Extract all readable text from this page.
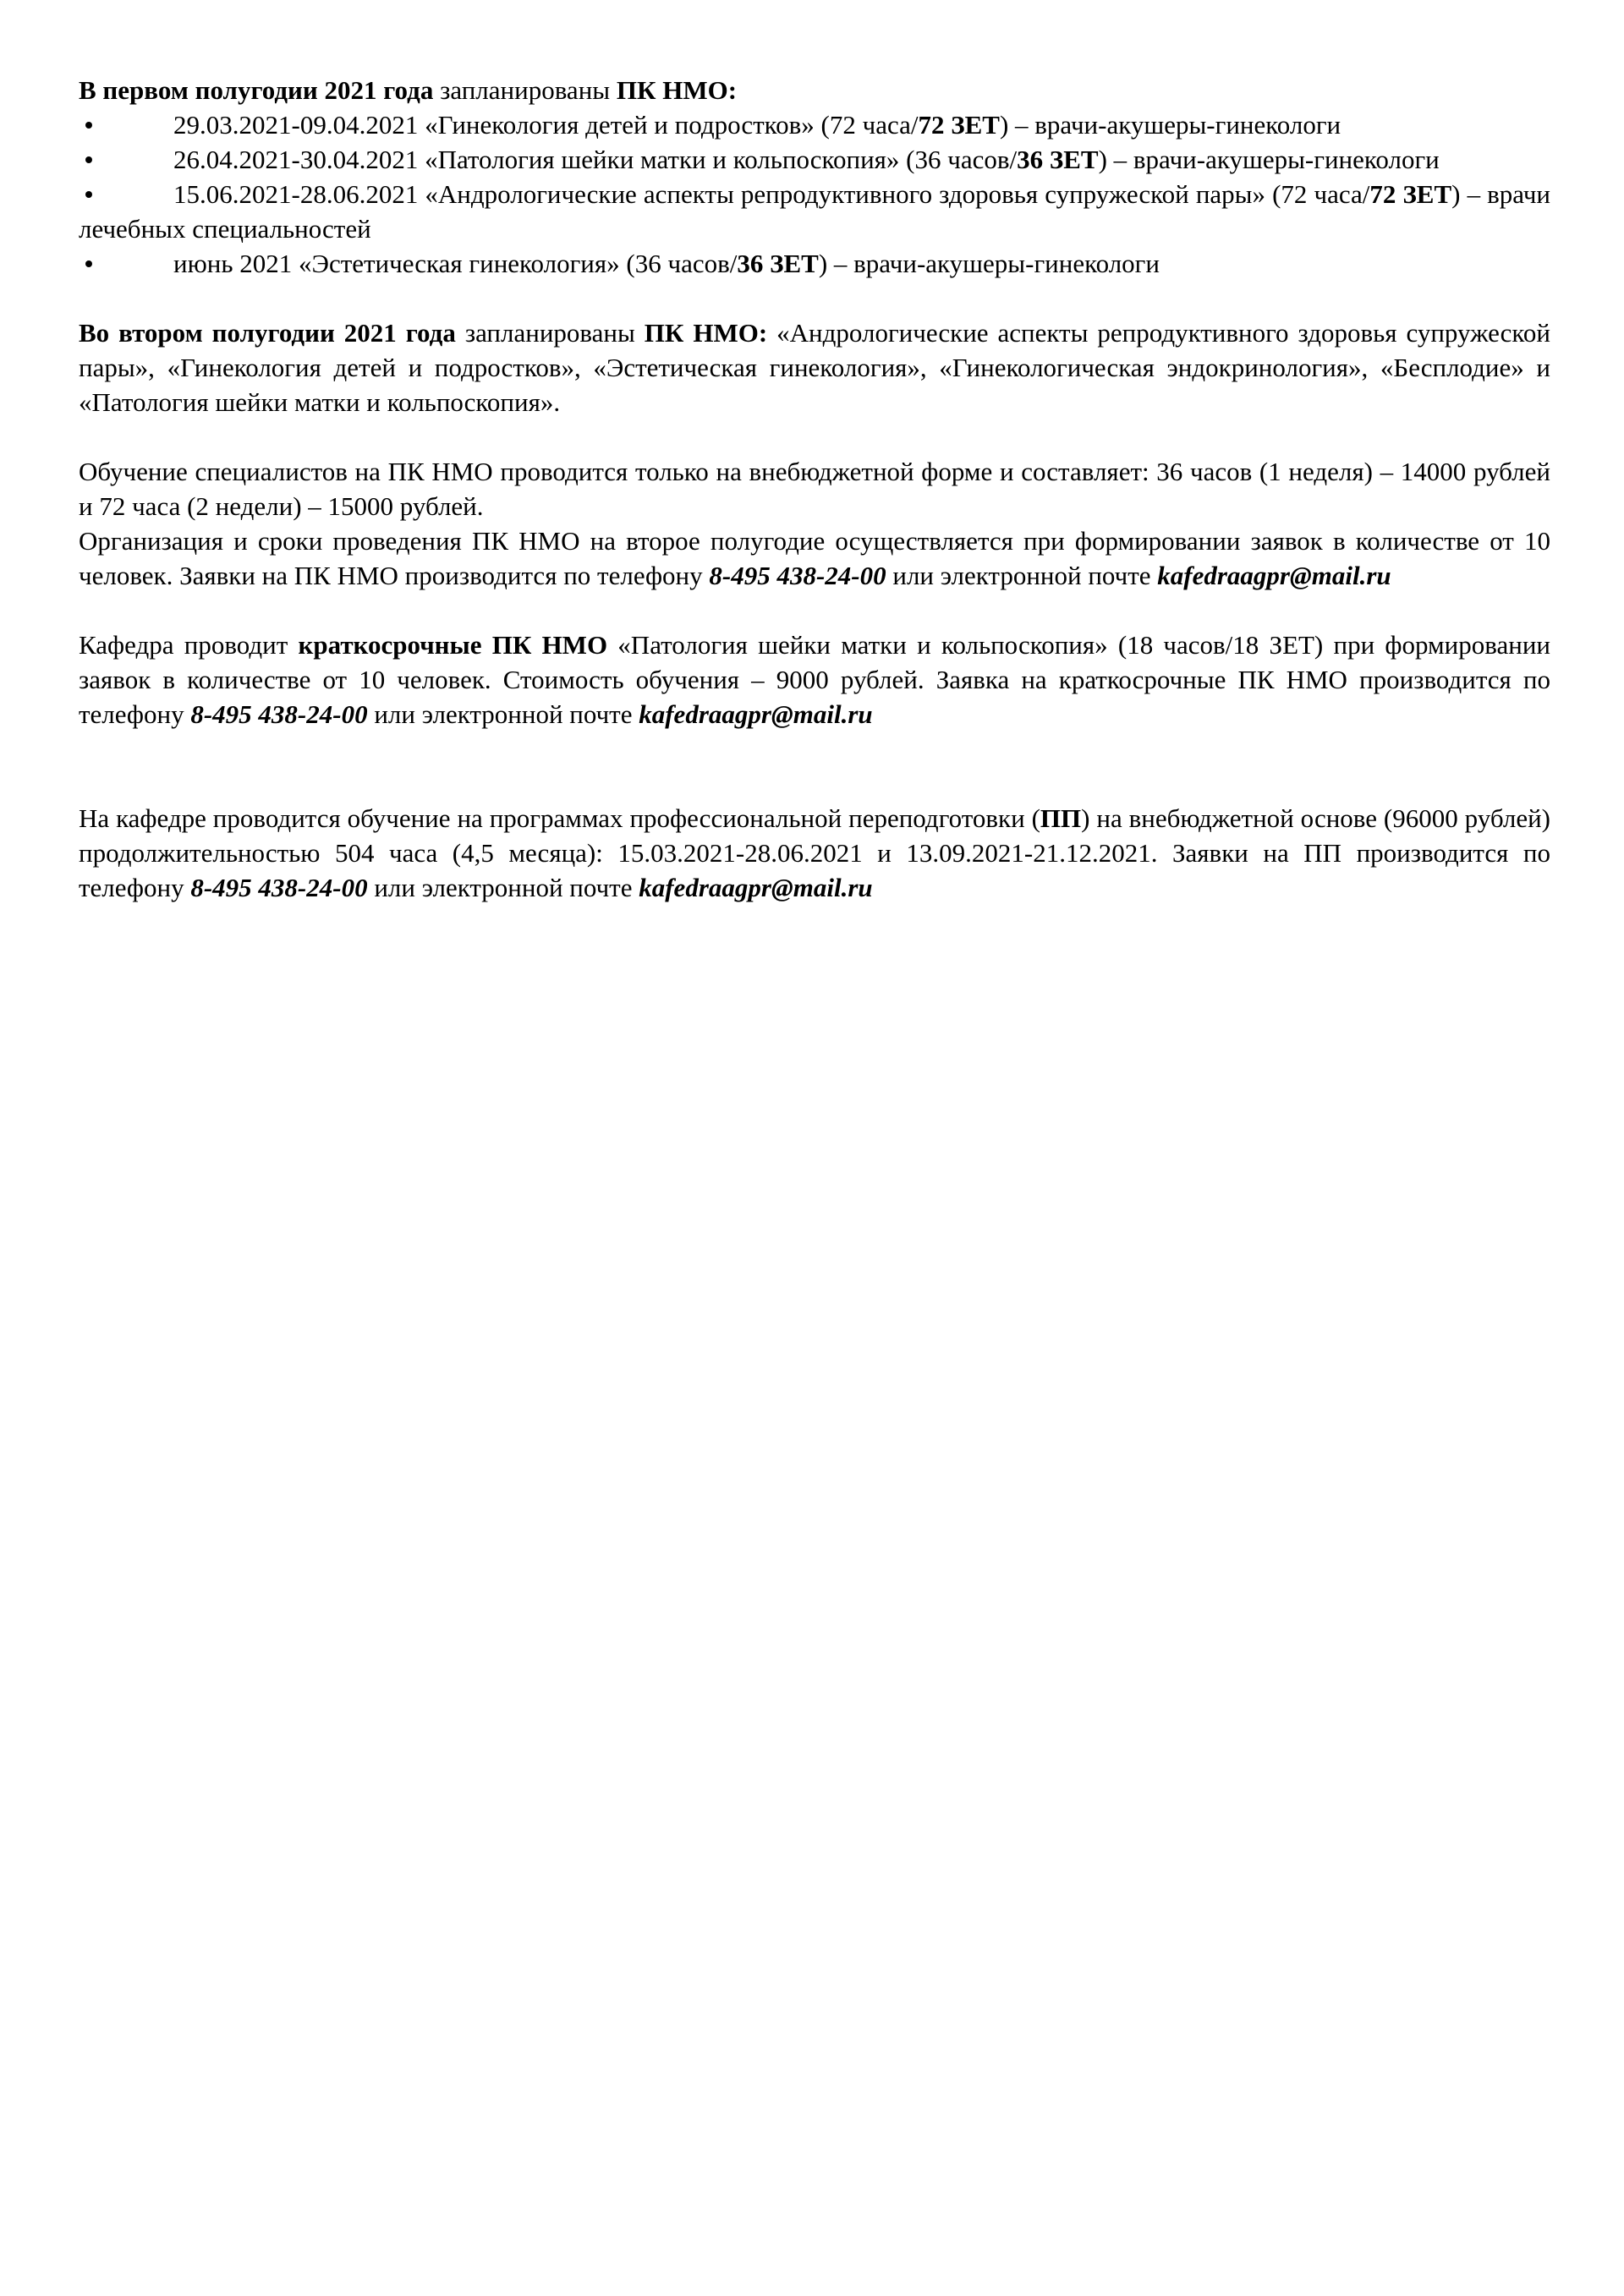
В первом полугодии 2021 года запланированы ПК НМО:

29.03.2021-09.04.2021 «Гинекология детей и подростков» (72 часа/72 ЗЕТ) – врачи-акушеры-гинекологи
26.04.2021-30.04.2021 «Патология шейки матки и кольпоскопия» (36 часов/36 ЗЕТ) – врачи-акушеры-гинекологи
15.06.2021-28.06.2021 «Андрологические аспекты репродуктивного здоровья супружеской пары» (72 часа/72 ЗЕТ) – врачи лечебных специальностей
июнь 2021 «Эстетическая гинекология» (36 часов/36 ЗЕТ) – врачи-акушеры-гинекологи

Во втором полугодии 2021 года запланированы ПК НМО: «Андрологические аспекты репродуктивного здоровья супружеской пары», «Гинекология детей и подростков», «Эстетическая гинекология», «Гинекологическая эндокринология», «Бесплодие» и «Патология шейки матки и кольпоскопия».

Обучение специалистов на ПК НМО проводится только на внебюджетной форме и составляет: 36 часов (1 неделя) – 14000 рублей и 72 часа (2 недели) – 15000 рублей.

Организация и сроки проведения ПК НМО на второе полугодие осуществляется при формировании заявок в количестве от 10 человек. Заявки на ПК НМО производится по телефону 8-495 438-24-00 или электронной почте kafedraagpr@mail.ru

Кафедра проводит краткосрочные ПК НМО «Патология шейки матки и кольпоскопия» (18 часов/18 ЗЕТ) при формировании заявок в количестве от 10 человек. Стоимость обучения – 9000 рублей. Заявка на краткосрочные ПК НМО производится по телефону 8-495 438-24-00 или электронной почте kafedraagpr@mail.ru

На кафедре проводится обучение на программах профессиональной переподготовки (ПП) на внебюджетной основе (96000 рублей) продолжительностью 504 часа (4,5 месяца): 15.03.2021-28.06.2021 и 13.09.2021-21.12.2021. Заявки на ПП производится по телефону 8-495 438-24-00 или электронной почте kafedraagpr@mail.ru
